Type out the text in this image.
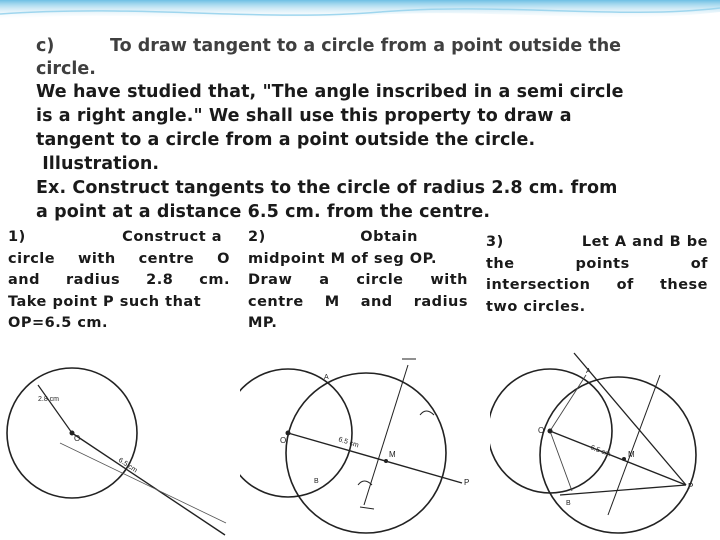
c)	To draw tangent to a circle from a point outside the
circle.
We have studied that, "The angle inscribed in a semi circle
is a right angle." We shall use this property to draw a
tangent to a circle from a point outside the circle.
Illustration.
Ex. Construct tangents to the circle of radius 2.8 cm. from
a point at a distance 6.5 cm. from the centre.
1)	Construct a
circle with centre O
and radius 2.8 cm.
Take point P such that
OP=6.5 cm.
2)	Obtain
midpoint M of seg OP.
Draw a circle with
centre M and radius
MP.
3)	Let A and B be
the	points	of
intersection of these
two circles.
2.8 cm
O
6.5 cm
O
M
A
B	P
6.5 cm
O
M
A
B
P
6.5 cm
